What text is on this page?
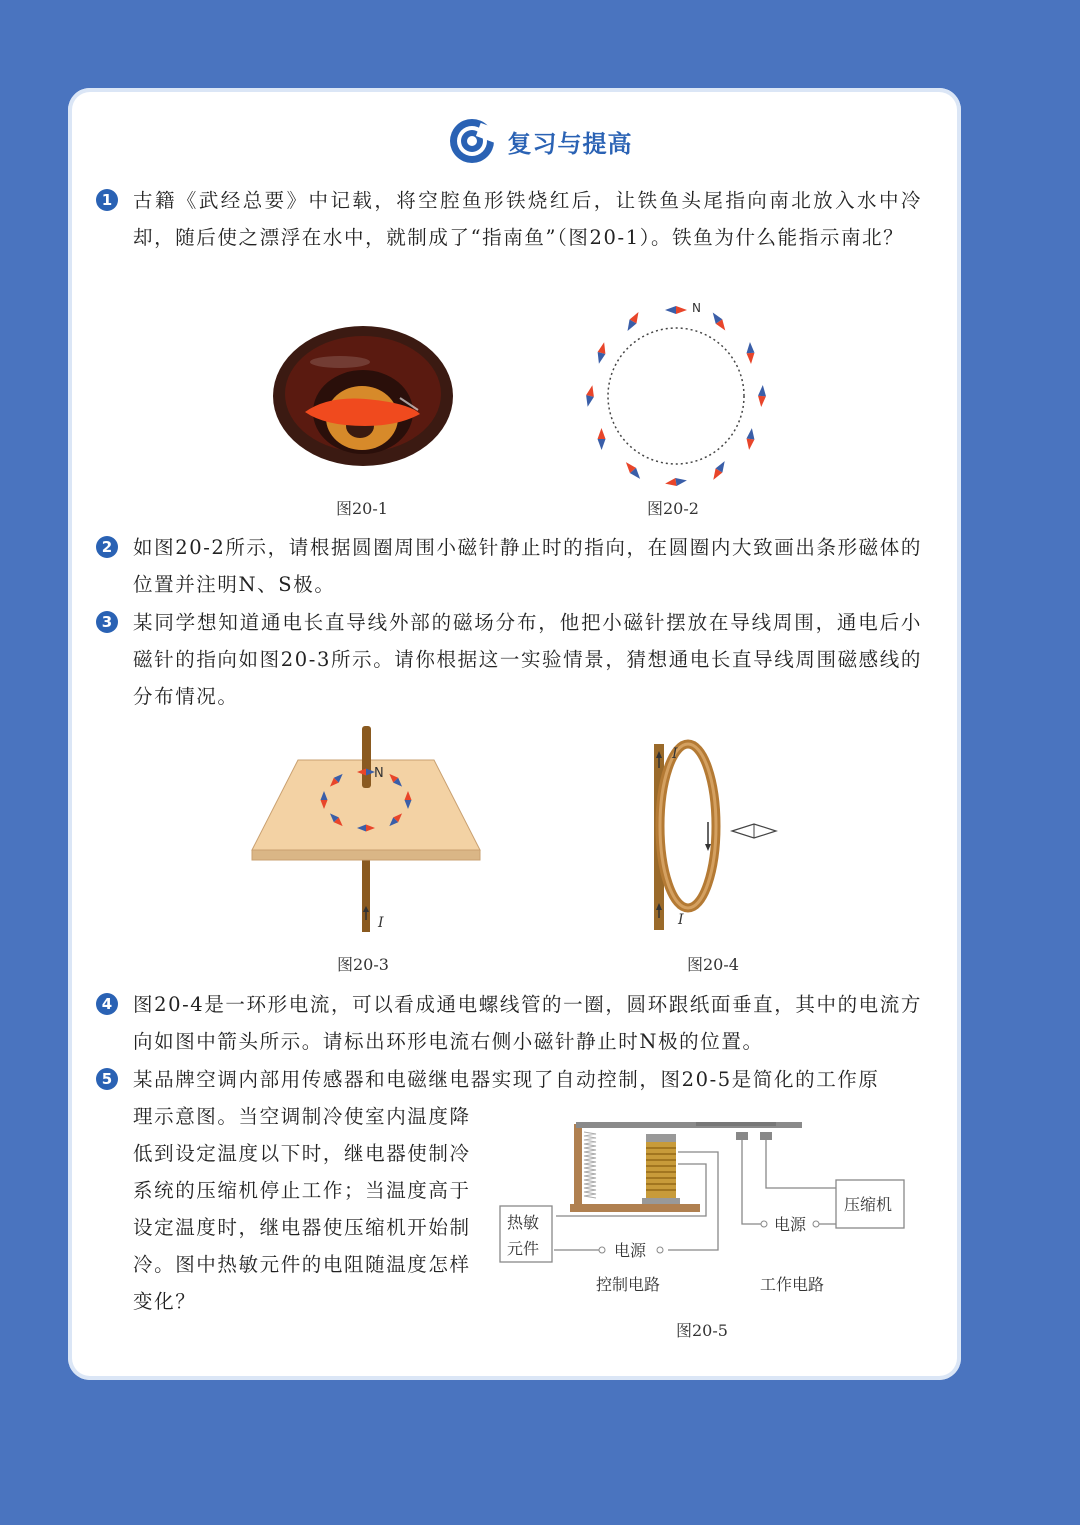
复习与提高
1 古籍《武经总要》中记载，将空腔鱼形铁烧红后，让铁鱼头尾指向南北放入水中冷却，随后使之漂浮在水中，就制成了“指南鱼”（图20-1）。铁鱼为什么能指示南北？
图20-1
N
图20-2
2 如图20-2所示，请根据圆圈周围小磁针静止时的指向，在圆圈内大致画出条形磁体的位置并注明N、S极。
3 某同学想知道通电长直导线外部的磁场分布，他把小磁针摆放在导线周围，通电后小磁针的指向如图20-3所示。请你根据这一实验情景，猜想通电长直导线周围磁感线的分布情况。
N
I
图20-3
I
I
图20-4
4 图20-4是一环形电流，可以看成通电螺线管的一圈，圆环跟纸面垂直，其中的电流方向如图中箭头所示。请标出环形电流右侧小磁针静止时N极的位置。
5 某品牌空调内部用传感器和电磁继电器实现了自动控制，图20-5是简化的工作原
理示意图。当空调制冷使室内温度降低到设定温度以下时，继电器使制冷系统的压缩机停止工作；当温度高于设定温度时，继电器使压缩机开始制冷。图中热敏元件的电阻随温度怎样变化？
热敏
元件	电源
电源
压缩机
控制电路	工作电路
图20-5
